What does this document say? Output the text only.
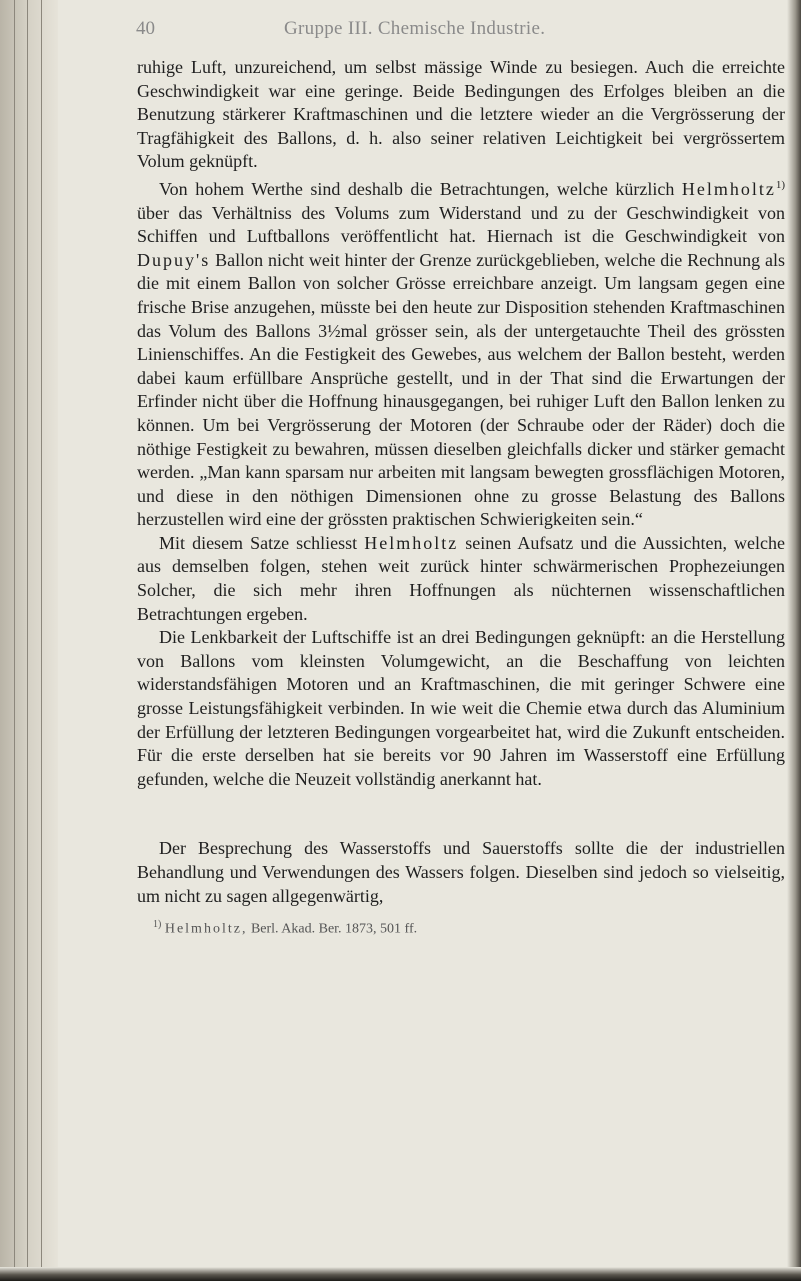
40	Gruppe III. Chemische Industrie.

ruhige Luft, unzureichend, um selbst mässige Winde zu besiegen. Auch die erreichte Geschwindigkeit war eine geringe. Beide Bedingungen des Erfolges bleiben an die Benutzung stärkerer Kraftmaschinen und die letztere wieder an die Vergrösserung der Tragfähigkeit des Ballons, d. h. also seiner relativen Leichtigkeit bei vergrössertem Volum geknüpft.

Von hohem Werthe sind deshalb die Betrachtungen, welche kürzlich Helmholtz$^{1)}$ über das Verhältniss des Volums zum Widerstand und zu der Geschwindigkeit von Schiffen und Luftballons veröffentlicht hat. Hiernach ist die Geschwindigkeit von Dupuy's Ballon nicht weit hinter der Grenze zurückgeblieben, welche die Rechnung als die mit einem Ballon von solcher Grösse erreichbare anzeigt. Um langsam gegen eine frische Brise anzugehen, müsste bei den heute zur Disposition stehenden Kraftmaschinen das Volum des Ballons 3½mal grösser sein, als der untergetauchte Theil des grössten Linienschiffes. An die Festigkeit des Gewebes, aus welchem der Ballon besteht, werden dabei kaum erfüllbare Ansprüche gestellt, und in der That sind die Erwartungen der Erfinder nicht über die Hoffnung hinausgegangen, bei ruhiger Luft den Ballon lenken zu können. Um bei Vergrösserung der Motoren (der Schraube oder der Räder) doch die nöthige Festigkeit zu bewahren, müssen dieselben gleichfalls dicker und stärker gemacht werden. „Man kann sparsam nur arbeiten mit langsam bewegten grossflächigen Motoren, und diese in den nöthigen Dimensionen ohne zu grosse Belastung des Ballons herzustellen wird eine der grössten praktischen Schwierigkeiten sein.“

Mit diesem Satze schliesst Helmholtz seinen Aufsatz und die Aussichten, welche aus demselben folgen, stehen weit zurück hinter schwärmerischen Prophezeiungen Solcher, die sich mehr ihren Hoffnungen als nüchternen wissenschaftlichen Betrachtungen ergeben.

Die Lenkbarkeit der Luftschiffe ist an drei Bedingungen geknüpft: an die Herstellung von Ballons vom kleinsten Volumgewicht, an die Beschaffung von leichten widerstandsfähigen Motoren und an Kraftmaschinen, die mit geringer Schwere eine grosse Leistungsfähigkeit verbinden. In wie weit die Chemie etwa durch das Aluminium der Erfüllung der letzteren Bedingungen vorgearbeitet hat, wird die Zukunft entscheiden. Für die erste derselben hat sie bereits vor 90 Jahren im Wasserstoff eine Erfüllung gefunden, welche die Neuzeit vollständig anerkannt hat.

Der Besprechung des Wasserstoffs und Sauerstoffs sollte die der industriellen Behandlung und Verwendungen des Wassers folgen. Dieselben sind jedoch so vielseitig, um nicht zu sagen allgegenwärtig,

$^{1)}$ Helmholtz, Berl. Akad. Ber. 1873, 501 ff.
